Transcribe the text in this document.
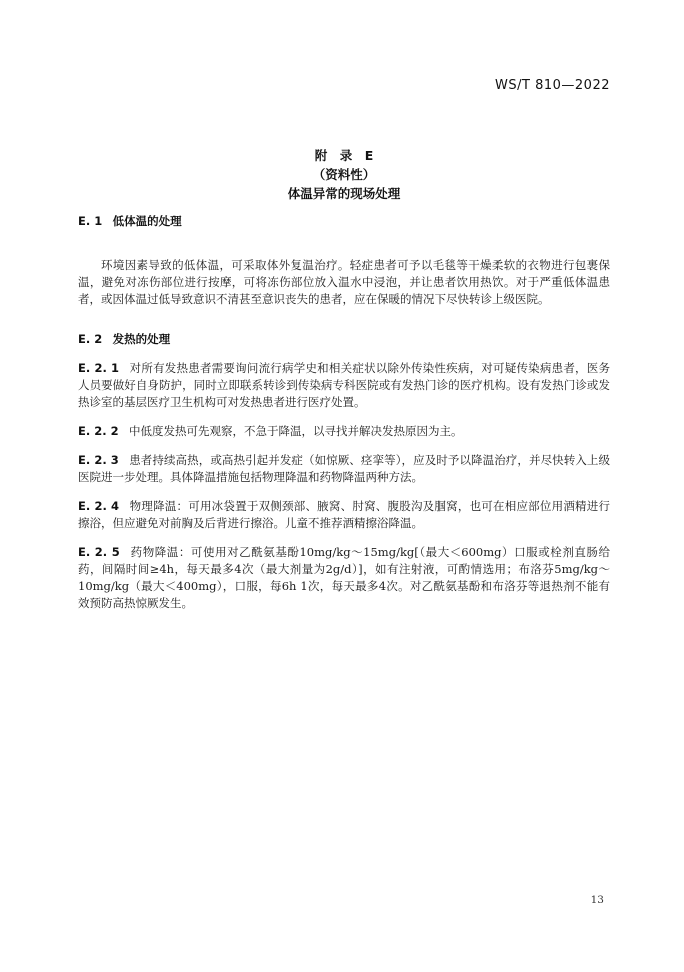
WS/T 810—2022
附　录　E
（资料性）
体温异常的现场处理
E. 1 低体温的处理

环境因素导致的低体温，可采取体外复温治疗。轻症患者可予以毛毯等干燥柔软的衣物进行包裹保温，避免对冻伤部位进行按摩，可将冻伤部位放入温水中浸泡，并让患者饮用热饮。对于严重低体温患者，或因体温过低导致意识不清甚至意识丧失的患者，应在保暖的情况下尽快转诊上级医院。

E. 2 发热的处理

E. 2. 1 对所有发热患者需要询问流行病学史和相关症状以除外传染性疾病，对可疑传染病患者，医务人员要做好自身防护，同时立即联系转诊到传染病专科医院或有发热门诊的医疗机构。设有发热门诊或发热诊室的基层医疗卫生机构可对发热患者进行医疗处置。

E. 2. 2 中低度发热可先观察，不急于降温，以寻找并解决发热原因为主。

E. 2. 3 患者持续高热，或高热引起并发症（如惊厥、痉挛等），应及时予以降温治疗，并尽快转入上级医院进一步处理。具体降温措施包括物理降温和药物降温两种方法。

E. 2. 4 物理降温：可用冰袋置于双侧颈部、腋窝、肘窝、腹股沟及腘窝，也可在相应部位用酒精进行擦浴，但应避免对前胸及后背进行擦浴。儿童不推荐酒精擦浴降温。

E. 2. 5 药物降温：可使用对乙酰氨基酚10mg/kg～15mg/kg[（最大＜600mg）口服或栓剂直肠给药，间隔时间≥4h，每天最多4次（最大剂量为2g/d）]，如有注射液，可酌情选用；布洛芬5mg/kg～10mg/kg（最大＜400mg），口服，每6h 1次，每天最多4次。对乙酰氨基酚和布洛芬等退热剂不能有效预防高热惊厥发生。

13
